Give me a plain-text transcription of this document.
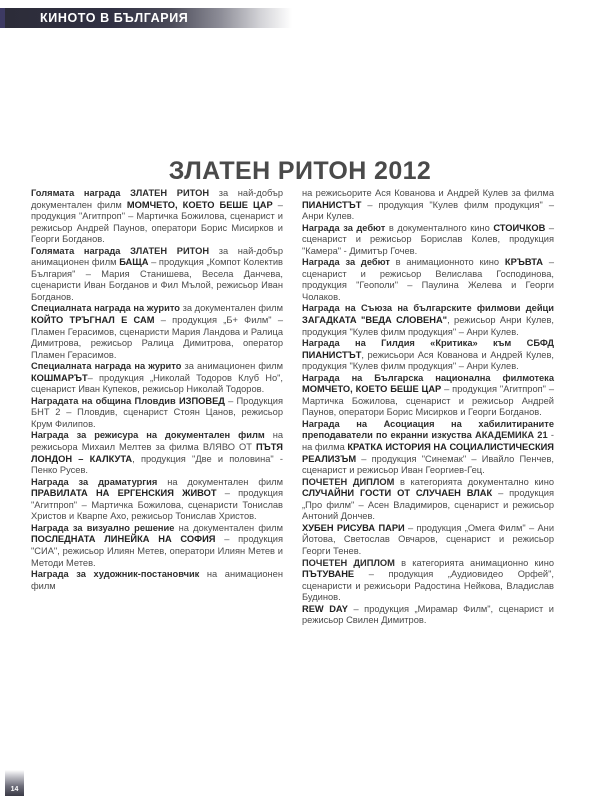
КИНОТО В БЪЛГАРИЯ
ЗЛАТЕН РИТОН 2012

Голямата награда ЗЛАТЕН РИТОН за най-добър документален филм МОМЧЕТО, КОЕТО БЕШЕ ЦАР – продукция "Агитпроп" – Мартичка Божилова, сценарист и режисьор Андрей Паунов, оператори Борис Мисирков и Георги Богданов.

Голямата награда ЗЛАТЕН РИТОН за най-добър анимационен филм БАЩА – продукция „Компот Колектив България" – Мария Станишева, Весела Данчева, сценаристи Иван Богданов и Фил Мълой, режисьор Иван Богданов.

Специалната награда на журито за документален филм КОЙТО ТРЪГНАЛ Е САМ – продукция „Б+ Филм" – Пламен Герасимов, сценаристи Мария Ландова и Ралица Димитрова, режисьор Ралица Димитрова, оператор Пламен Герасимов.

Специалната награда на журито за анимационен филм КОШМАРЪТ– продукция „Николай Тодоров Клуб Но", сценарист Иван Купеков, режисьор Николай Тодоров.

Наградата на община Пловдив ИЗПОВЕД – Продукция БНТ 2 – Пловдив, сценарист Стоян Цанов, режисьор Крум Филипов.

Награда за режисура на документален филм на режисьора Михаил Мелтев за филма ВЛЯВО ОТ ПЪТЯ ЛОНДОН – КАЛКУТА, продукция "Две и половина" - Пенко Русев.

Награда за драматургия на документален филм ПРАВИЛАТА НА ЕРГЕНСКИЯ ЖИВОТ – продукция "Агитпроп" – Мартичка Божилова, сценаристи Тонислав Христов и Кварпе Ахо, режисьор Тонислав Христов.

Награда за визуално решение на документален филм ПОСЛЕДНАТА ЛИНЕЙКА НА СОФИЯ – продукция "СИА", режисьор Илиян Метев, оператори Илиян Метев и Методи Метев.

Награда за художник-постановчик на анимационен филм

на режисьорите Ася Кованова и Андрей Кулев за филма ПИАНИСТЪТ – продукция "Кулев филм продукция" – Анри Кулев.

Награда за дебют в документалного кино СТОИЧКОВ – сценарист и режисьор Борислав Колев, продукция "Камера" - Димитър Гочев.

Награда за дебют в анимационното кино КРЪВТА – сценарист и режисьор Велислава Господинова, продукция "Геополи" – Паулина Желева и Георги Чолаков.

Награда на Съюза на българските филмови дейци ЗАГАДКАТА "ВЕДА СЛОВЕНА", режисьор Анри Кулев, продукция "Кулев филм продукция" – Анри Кулев.

Награда на Гилдия «Критика» към СБФД ПИАНИСТЪТ, режисьори Ася Кованова и Андрей Кулев, продукция "Кулев филм продукция" – Анри Кулев.

Награда на Българска национална филмотека МОМЧЕТО, КОЕТО БЕШЕ ЦАР – продукция "Агитпроп" – Мартичка Божилова, сценарист и режисьор Андрей Паунов, оператори Борис Мисирков и Георги Богданов.

Награда на Асоциация на хабилитираните преподаватели по екранни изкуства АКАДЕМИКА 21 - на филма КРАТКА ИСТОРИЯ НА СОЦИАЛИСТИЧЕСКИЯ РЕАЛИЗЪМ – продукция "Синемак" – Ивайло Пенчев, сценарист и режисьор Иван Георгиев-Гец.

ПОЧЕТЕН ДИПЛОМ в категорията документално кино СЛУЧАЙНИ ГОСТИ ОТ СЛУЧАЕН ВЛАК – продукция „Про филм" – Асен Владимиров, сценарист и режисьор Антоний Дончев.

ХУБЕН РИСУВА ПАРИ – продукция „Омега Филм" – Ани Йотова, Светослав Овчаров, сценарист и режисьор Георги Тенев.

ПОЧЕТЕН ДИПЛОМ в категорията анимационно кино ПЪТУВАНЕ – продукция „Аудиовидео Орфей", сценаристи и режисьори Радостина Нейкова, Владислав Будинов.

REW DAY – продукция „Мирамар Филм", сценарист и режисьор Свилен Димитров.

14
